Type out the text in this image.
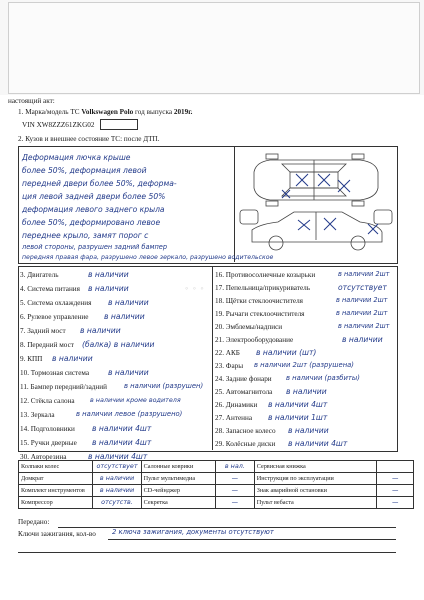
настоящий акт:
1. Марка/модель ТС Volkswagen Polo год выпуска 2019г.
VIN XW8ZZZ61ZKG02
2. Кузов и внешнее состояние ТС: после ДТП.
Деформация лючка крыше
более 50%, деформация левой
передней двери более 50%, деформа-
ция левой задней двери более 50%
деформация левого заднего крыла
более 50%, деформировано левое
переднее крыло, замят порог с
левой стороны, разрушен задний бампер
передняя правая фара, разрушено левое зеркало, разрушено водительское
3. Двигатель	в наличии
4. Система питания в наличии
5. Система охлаждения в наличии
6. Рулевое управление в наличии
7. Задний мост в наличии
8. Передний мост (балка) в наличии
9. КПП в наличии
10. Тормозная система в наличии
11. Бампер передний/задний	в наличии (разрушен)
12. Стёкла салона в наличии кроме водителя
13. Зеркала	в наличии левое (разрушено)
14. Подголовники в наличии 4шт
15. Ручки дверные в наличии 4шт
16. Противосолнечные козырьки	в наличии 2шт
17. Пепельница/прикуриватель	отсутствует
18. Щётки стеклоочистителя	в наличии 2шт
19. Рычаги стеклоочистителя	в наличии 2шт
20. Эмблемы/надписи	в наличии 2шт
21. Электрооборудование	в наличии
22. АКБ в наличии (шт)
23. Фары в наличии 2шт (разрушена)
24. Задние фонари в наличии (разбиты)
25. Автомагнитола в наличии
26. Динамики в наличии 4шт
27. Антенна в наличии 1шт
28. Запасное колесо в наличии
29. Колёсные диски в наличии 4шт
◦ ◦ ◦
30. Авторезина	в наличии 4шт
Колпаки колес	отсутствует	Салонные коврики	в нал.	Сервисная книжка	
Домкрат	в наличии	Пульт мультимедиа	—	Инструкция по эксплуатации	—
Комплект инструментов	в наличии	CD-чейнджер	—	Знак аварийной остановки	—
Компрессор	отсутств.	Секретка	—	Пульт вебаста	—
Передано:
Ключи зажигания, кол-во 2 ключа зажигания, документы отсутствуют
